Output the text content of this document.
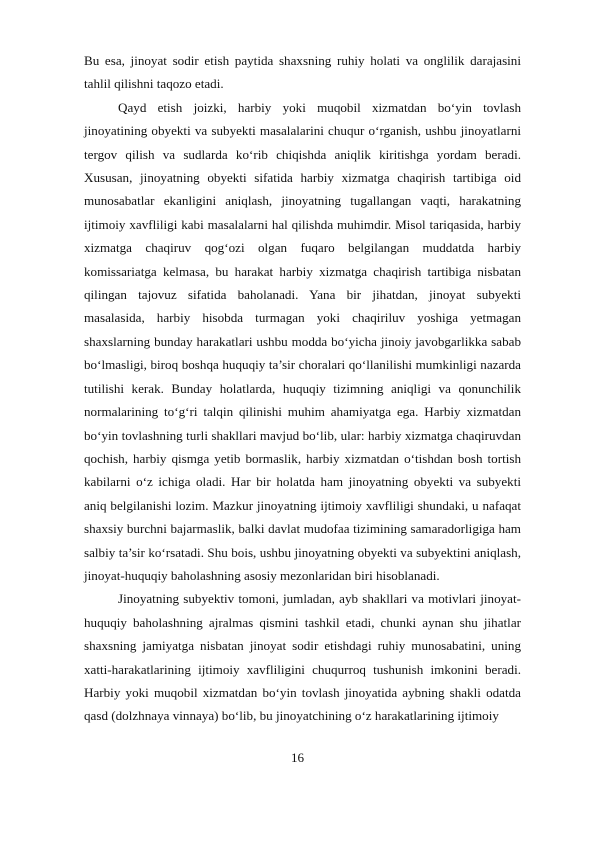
Bu esa, jinoyat sodir etish paytida shaxsning ruhiy holati va onglilik darajasini tahlil qilishni taqozo etadi.

Qayd etish joizki, harbiy yoki muqobil xizmatdan bo‘yin tovlash jinoyatining obyekti va subyekti masalalarini chuqur o‘rganish, ushbu jinoyatlarni tergov qilish va sudlarda ko‘rib chiqishda aniqlik kiritishga yordam beradi. Xususan, jinoyatning obyekti sifatida harbiy xizmatga chaqirish tartibiga oid munosabatlar ekanligini aniqlash, jinoyatning tugallangan vaqti, harakatning ijtimoiy xavfliligi kabi masalalarni hal qilishda muhimdir. Misol tariqasida, harbiy xizmatga chaqiruv qog‘ozi olgan fuqaro belgilangan muddatda harbiy komissariatga kelmasa, bu harakat harbiy xizmatga chaqirish tartibiga nisbatan qilingan tajovuz sifatida baholanadi. Yana bir jihatdan, jinoyat subyekti masalasida, harbiy hisobda turmagan yoki chaqiriluv yoshiga yetmagan shaxslarning bunday harakatlari ushbu modda bo‘yicha jinoiy javobgarlikka sabab bo‘lmasligi, biroq boshqa huquqiy ta’sir choralari qo‘llanilishi mumkinligi nazarda tutilishi kerak. Bunday holatlarda, huquqiy tizimning aniqligi va qonunchilik normalarining to‘g‘ri talqin qilinishi muhim ahamiyatga ega. Harbiy xizmatdan bo‘yin tovlashning turli shakllari mavjud bo‘lib, ular: harbiy xizmatga chaqiruvdan qochish, harbiy qismga yetib bormaslik, harbiy xizmatdan o‘tishdan bosh tortish kabilarni o‘z ichiga oladi. Har bir holatda ham jinoyatning obyekti va subyekti aniq belgilanishi lozim. Mazkur jinoyatning ijtimoiy xavfliligi shundaki, u nafaqat shaxsiy burchni bajarmaslik, balki davlat mudofaa tizimining samaradorligiga ham salbiy ta’sir ko‘rsatadi. Shu bois, ushbu jinoyatning obyekti va subyektini aniqlash, jinoyat-huquqiy baholashning asosiy mezonlaridan biri hisoblanadi.

Jinoyatning subyektiv tomoni, jumladan, ayb shakllari va motivlari jinoyat-huquqiy baholashning ajralmas qismini tashkil etadi, chunki aynan shu jihatlar shaxsning jamiyatga nisbatan jinoyat sodir etishdagi ruhiy munosabatini, uning xatti-harakatlarining ijtimoiy xavfliligini chuqurroq tushunish imkonini beradi. Harbiy yoki muqobil xizmatdan bo‘yin tovlash jinoyatida aybning shakli odatda qasd (dolzhnaya vinnaya) bo‘lib, bu jinoyatchining o‘z harakatlarining ijtimoiy

16
